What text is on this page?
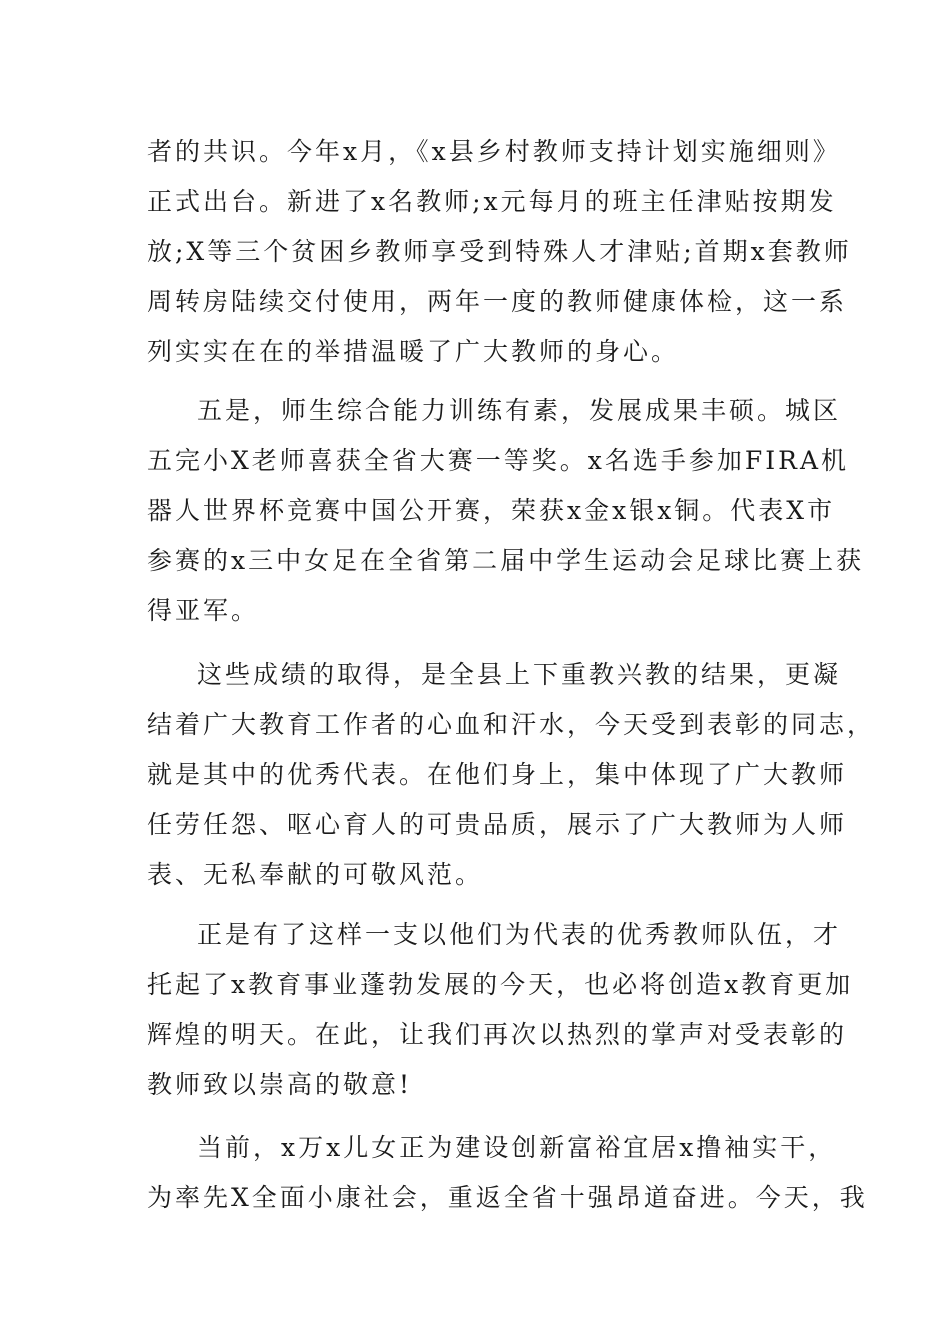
者的共识。今年x月，《x县乡村教师支持计划实施细则》

正式出台。新进了x名教师;x元每月的班主任津贴按期发

放;X等三个贫困乡教师享受到特殊人才津贴;首期x套教师

周转房陆续交付使用，两年一度的教师健康体检，这一系

列实实在在的举措温暖了广大教师的身心。

五是，师生综合能力训练有素，发展成果丰硕。城区

五完小X老师喜获全省大赛一等奖。x名选手参加FIRA机

器人世界杯竞赛中国公开赛，荣获x金x银x铜。代表X市

参赛的x三中女足在全省第二届中学生运动会足球比赛上获

得亚军。

这些成绩的取得，是全县上下重教兴教的结果，更凝

结着广大教育工作者的心血和汗水，今天受到表彰的同志，

就是其中的优秀代表。在他们身上，集中体现了广大教师

任劳任怨、呕心育人的可贵品质，展示了广大教师为人师

表、无私奉献的可敬风范。

正是有了这样一支以他们为代表的优秀教师队伍，才

托起了x教育事业蓬勃发展的今天，也必将创造x教育更加

辉煌的明天。在此，让我们再次以热烈的掌声对受表彰的

教师致以崇高的敬意!

当前，x万x儿女正为建设创新富裕宜居x撸袖实干，

为率先X全面小康社会，重返全省十强昂道奋进。今天，我
